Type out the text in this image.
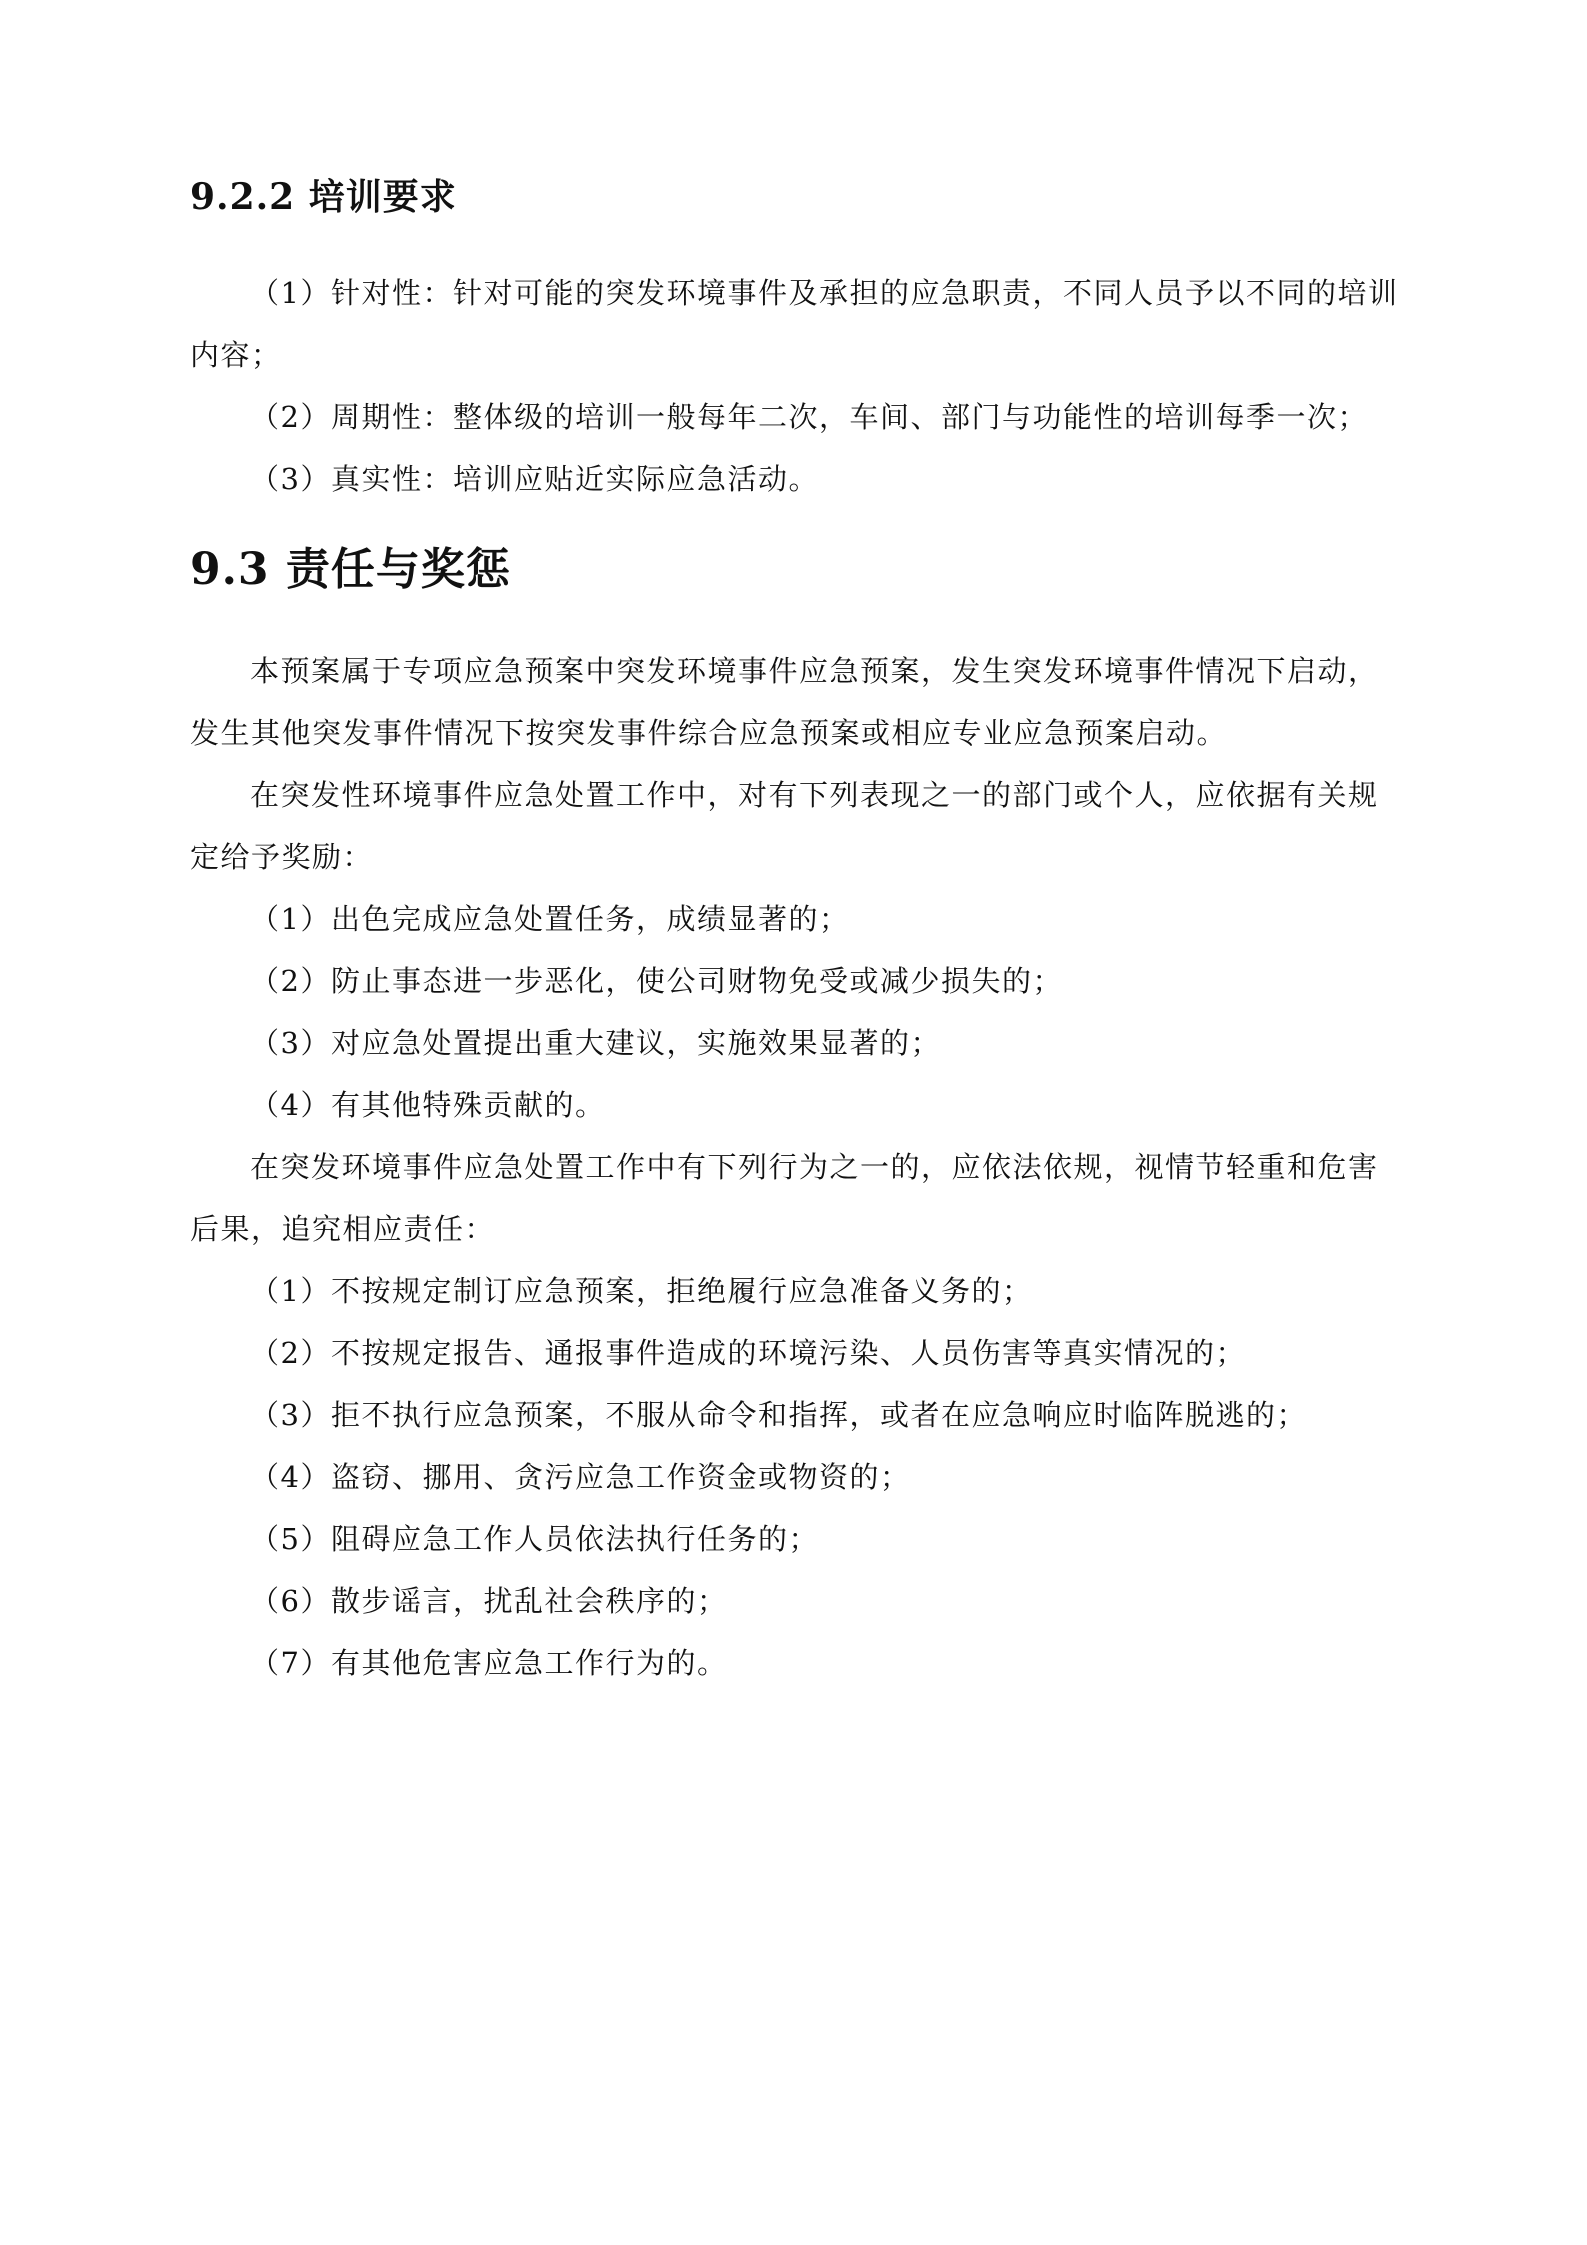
9.2.2 培训要求

（1）针对性：针对可能的突发环境事件及承担的应急职责，不同人员予以不同的培训内容；

（2）周期性：整体级的培训一般每年二次，车间、部门与功能性的培训每季一次；

（3）真实性：培训应贴近实际应急活动。

9.3 责任与奖惩

本预案属于专项应急预案中突发环境事件应急预案，发生突发环境事件情况下启动，发生其他突发事件情况下按突发事件综合应急预案或相应专业应急预案启动。

在突发性环境事件应急处置工作中，对有下列表现之一的部门或个人，应依据有关规定给予奖励：

（1）出色完成应急处置任务，成绩显著的；

（2）防止事态进一步恶化，使公司财物免受或减少损失的；

（3）对应急处置提出重大建议，实施效果显著的；

（4）有其他特殊贡献的。

在突发环境事件应急处置工作中有下列行为之一的，应依法依规，视情节轻重和危害后果，追究相应责任：

（1）不按规定制订应急预案，拒绝履行应急准备义务的；

（2）不按规定报告、通报事件造成的环境污染、人员伤害等真实情况的；

（3）拒不执行应急预案，不服从命令和指挥，或者在应急响应时临阵脱逃的；

（4）盗窃、挪用、贪污应急工作资金或物资的；

（5）阻碍应急工作人员依法执行任务的；

（6）散步谣言，扰乱社会秩序的；

（7）有其他危害应急工作行为的。
